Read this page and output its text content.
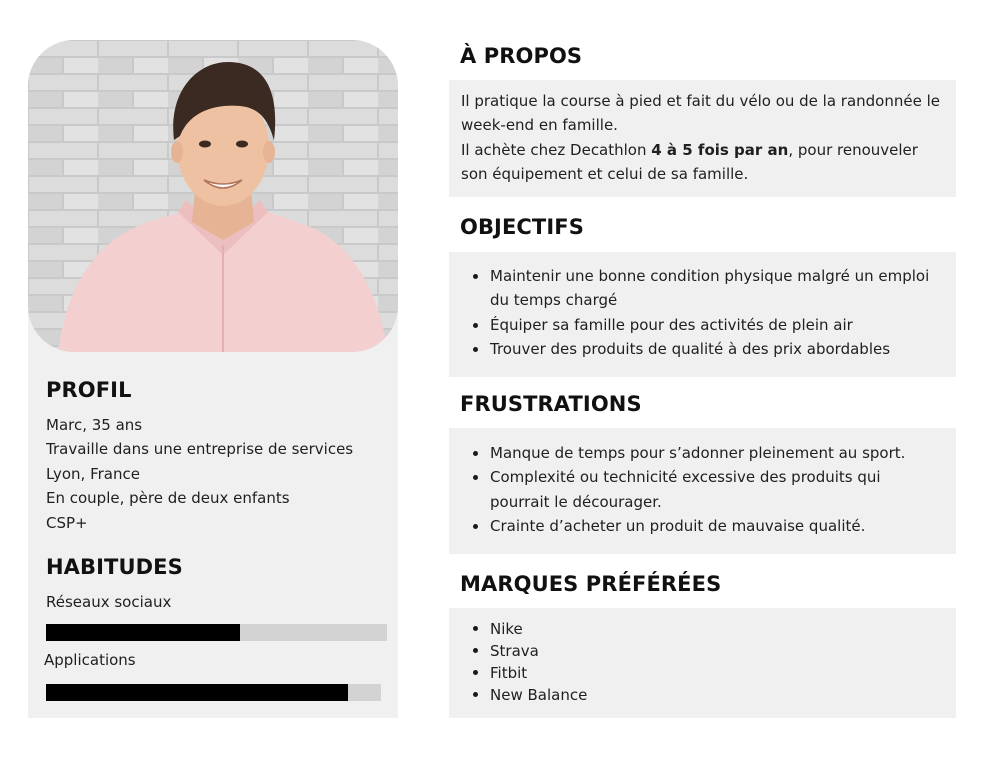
PROFIL
Marc, 35 ans
Travaille dans une entreprise de services
Lyon, France
En couple, père de deux enfants
CSP+
HABITUDES
Réseaux sociaux
Applications
À PROPOS

Il pratique la course à pied et fait du vélo ou de la randonnée le week-end en famille.
Il achète chez Decathlon 4 à 5 fois par an, pour renouveler son équipement et celui de sa famille.

OBJECTIFS
Maintenir une bonne condition physique malgré un emploi du temps chargé
Équiper sa famille pour des activités de plein air
Trouver des produits de qualité à des prix abordables
FRUSTRATIONS
Manque de temps pour s’adonner pleinement au sport.
Complexité ou technicité excessive des produits qui pourrait le décourager.
Crainte d’acheter un produit de mauvaise qualité.
MARQUES PRÉFÉRÉES
Nike
Strava
Fitbit
New Balance
